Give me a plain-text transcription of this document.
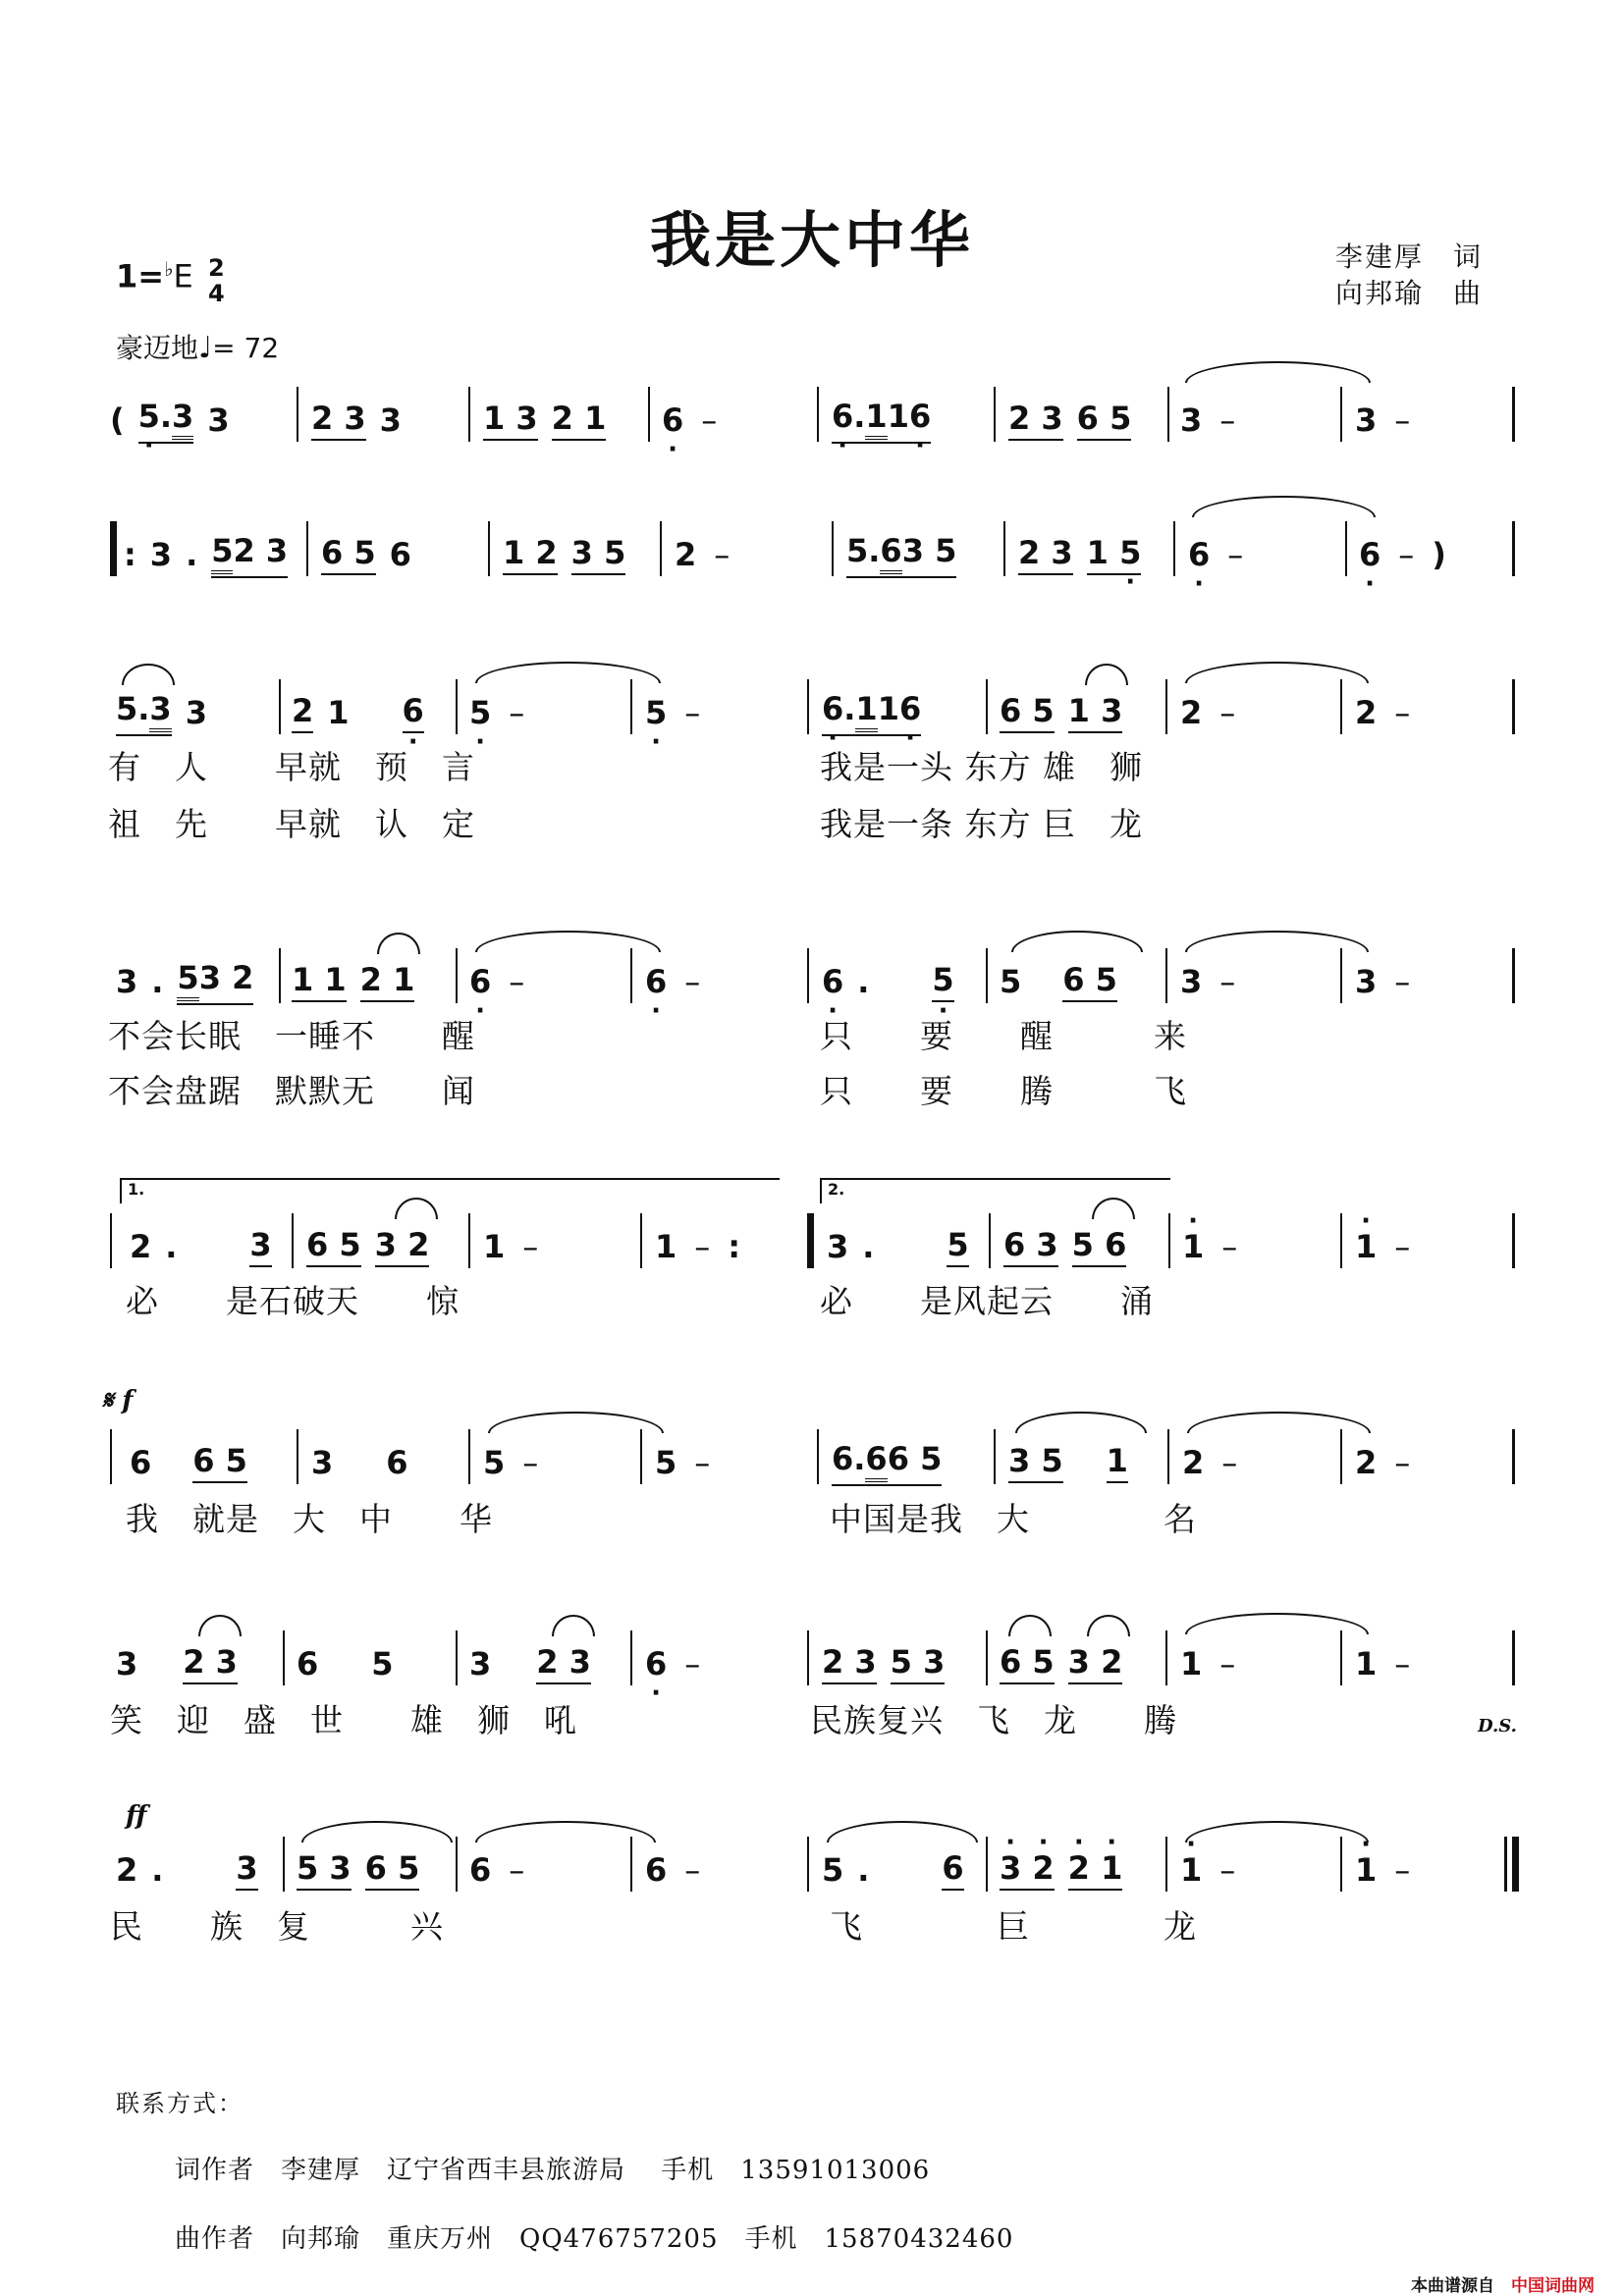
我是大中华	李建厚　词
向邦瑜　曲
1=♭E 2
4
豪迈地♩= 72
( 5 ·.3 3	2 3 3	1 3 2 1 6 · –	6 ·.116 · 2 3 6 5 3 –	3 –
: 3 . 52 3 6 5 6	1 2 3 5 2 –	5.63 5 2 3 1 5 · 6 · –	6 · – )
5.3 3	2 1 6 · 5 · –	5 · –	6 ·.116 · 6 5 1 3 2 –	2 –
有　人　　早就　预　言
祖　先　　早就　认　定
我是一头 东方 雄　狮
我是一条 东方 巨　龙
3 . 53 2 1 1 2 1 6 · –	6 · –	6 · . 5 · 5 6 5 3 –	3 –
不会长眠　一睡不　　醒
不会盘踞　默默无　　闻
只　　要　　醒　　　来
只　　要　　腾　　　飞
1.	2.
2 . 3 6 5 3 2 1 –	1 – :	3 . 5 6 3 5 6 · 1 –	· 1 –
必　　是石破天　　惊	必　　是风起云　　涌
𝄋 f
6 6 5 3 6 5 –	5 –	6.66 5 3 5 1 2 –	2 –
我　就是　大　中　　华	中国是我　大　　　　名
3 2 3 6 5 3 2 3 6 · –	2 3 5 3 6 5 3 2 1 –	1 –
笑　迎　盛　世　　雄　狮　吼	民族复兴　飞　龙　　腾	D.S.
ff
2 . 3 5 3 6 5 6 –	6 –	5 . 6 · 3 · 2 · 2 · 1 · 1 –	· 1 –
民　　族　复　　　兴	飞　　　　巨　　　　龙
联系方式：
词作者　李建厚　辽宁省西丰县旅游局　 手机　13591013006
曲作者　向邦瑜　重庆万州　QQ476757205　手机　15870432460
本曲谱源自　 中国词曲网
